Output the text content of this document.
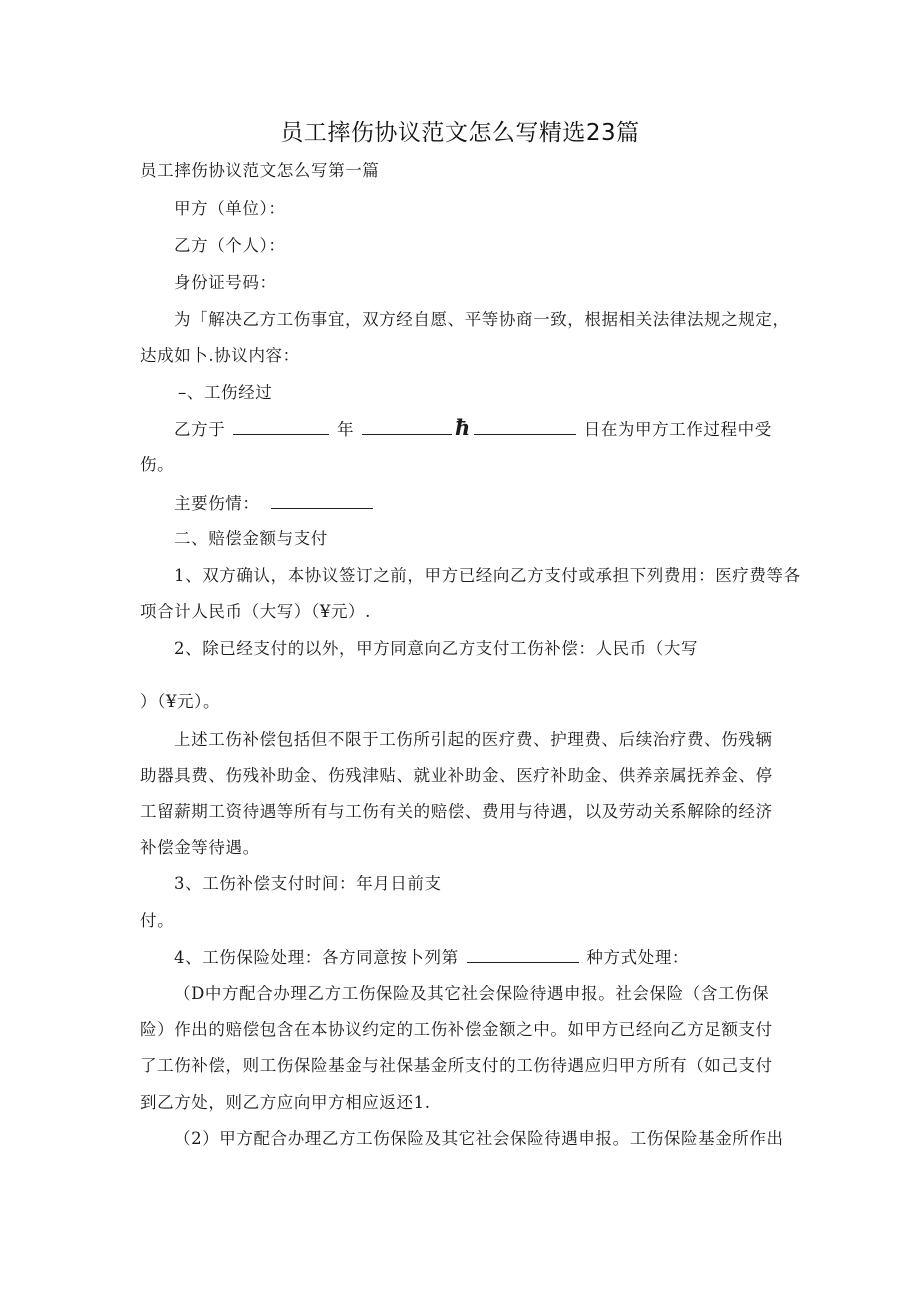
员工摔伤协议范文怎么写精选23篇
员工摔伤协议范文怎么写第一篇
甲方（单位）：
乙方（个人）：
身份证号码：
为「解决乙方工伤事宜，双方经自愿、平等协商一致，根据相关法律法规之规定，
达成如卜.协议内容：
–、工伤经过
乙方于	年	ħ	日在为甲方工作过程中受
伤。
主要伤情：
二、赔偿金额与支付
1、双方确认，本协议签订之前，甲方已经向乙方支付或承担下列费用：医疗费等各
项合计人民币（大写）（¥元）.
2、除已经支付的以外，甲方同意向乙方支付工伤补偿：人民币（大写
）（¥元）。
上述工伤补偿包括但不限于工伤所引起的医疗费、护理费、后续治疗费、伤残辆
助器具费、伤残补助金、伤残津贴、就业补助金、医疗补助金、供养亲属抚养金、停
工留薪期工资待遇等所有与工伤有关的赔偿、费用与待遇，以及劳动关系解除的经济
补偿金等待遇。
3、工伤补偿支付时间：年月日前支
付。
4、工伤保险处理：各方同意按卜列第	种方式处理：
（D中方配合办理乙方工伤保险及其它社会保险待遇申报。社会保险（含工伤保
险）作出的赔偿包含在本协议约定的工伤补偿金额之中。如甲方已经向乙方足额支付
了工伤补偿，则工伤保险基金与社保基金所支付的工伤待遇应归甲方所有（如己支付
到乙方处，则乙方应向甲方相应返还1.
（2）甲方配合办理乙方工伤保险及其它社会保险待遇申报。工伤保险基金所作出
